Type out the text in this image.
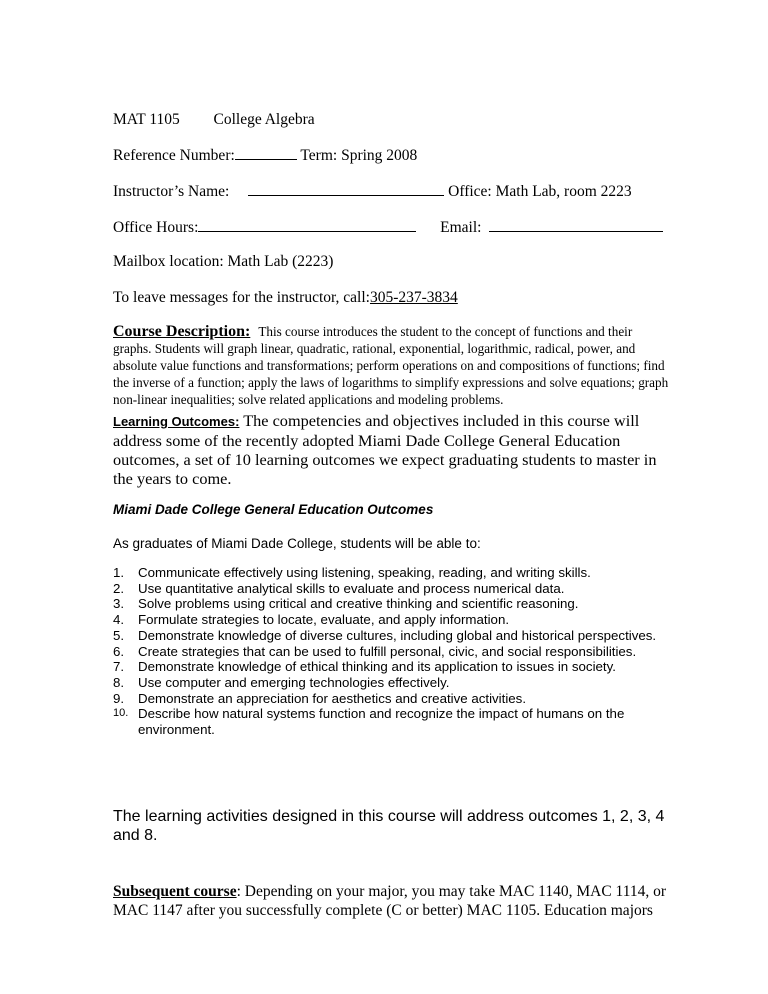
MAT 1105 College Algebra
Reference Number:	Term: Spring 2008
Instructor’s Name:	Office: Math Lab, room 2223
Office Hours:	Email:
Mailbox location: Math Lab (2223)
To leave messages for the instructor, call:305-237-3834
Course Description: This course introduces the student to the concept of functions and their graphs. Students will graph linear, quadratic, rational, exponential, logarithmic, radical, power, and absolute value functions and transformations; perform operations on and compositions of functions; find the inverse of a function; apply the laws of logarithms to simplify expressions and solve equations; graph non-linear inequalities; solve related applications and modeling problems.
Learning Outcomes: The competencies and objectives included in this course will address some of the recently adopted Miami Dade College General Education outcomes, a set of 10 learning outcomes we expect graduating students to master in the years to come.
Miami Dade College General Education Outcomes
As graduates of Miami Dade College, students will be able to:
1. Communicate effectively using listening, speaking, reading, and writing skills.
2. Use quantitative analytical skills to evaluate and process numerical data.
3. Solve problems using critical and creative thinking and scientific reasoning.
4. Formulate strategies to locate, evaluate, and apply information.
5. Demonstrate knowledge of diverse cultures, including global and historical perspectives.
6. Create strategies that can be used to fulfill personal, civic, and social responsibilities.
7. Demonstrate knowledge of ethical thinking and its application to issues in society.
8. Use computer and emerging technologies effectively.
9. Demonstrate an appreciation for aesthetics and creative activities.
10. Describe how natural systems function and recognize the impact of humans on the environment.
The learning activities designed in this course will address outcomes 1, 2, 3, 4 and 8.
Subsequent course: Depending on your major, you may take MAC 1140, MAC 1114, or MAC 1147 after you successfully complete (C or better) MAC 1105. Education majors
